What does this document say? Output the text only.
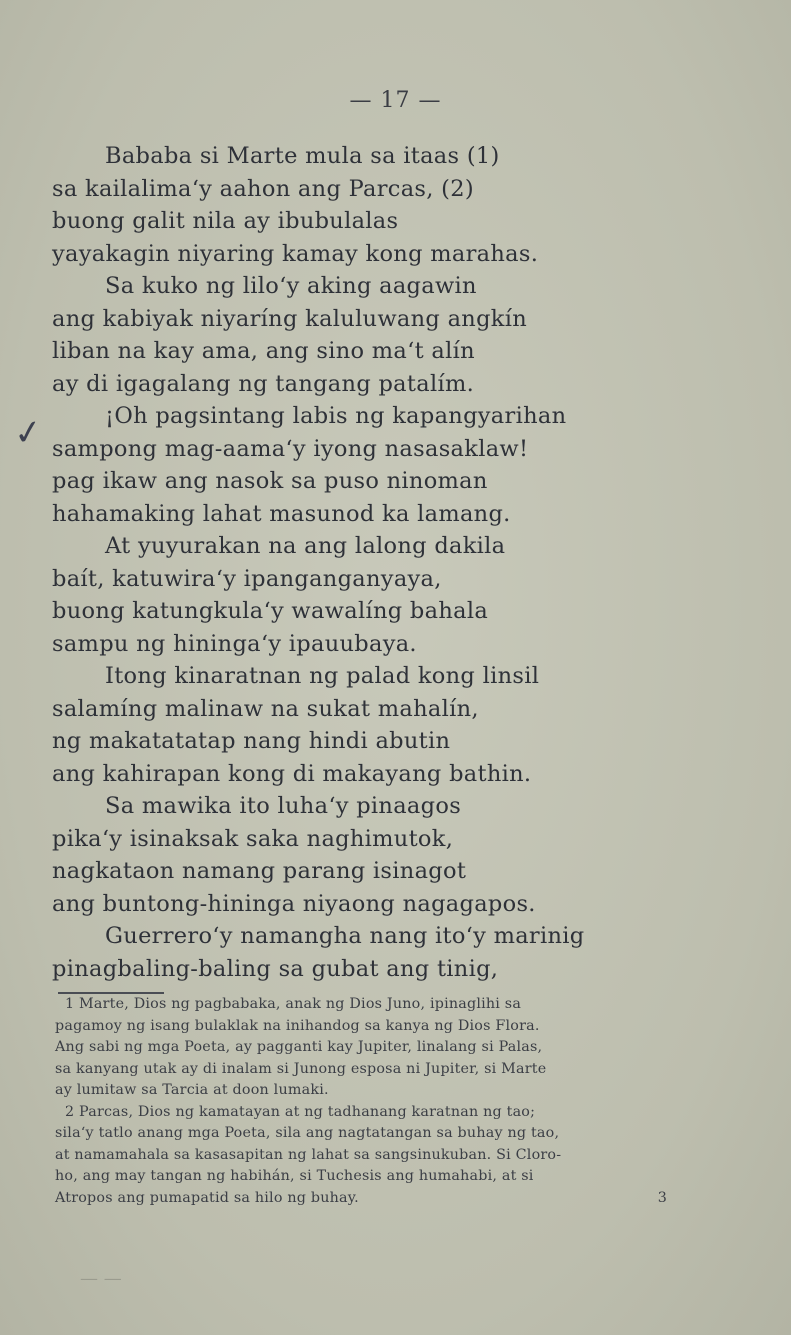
— 17 —
✓
Bababa si Marte mula sa itaas (1)
sa kailalima‘y aahon ang Parcas, (2)
buong galit nila ay ibubulalas
yayakagin niyaring kamay kong marahas.
Sa kuko ng lilo‘y aking aagawin
ang kabiyak niyaríng kaluluwang angkín
liban na kay ama, ang sino ma‘t alín
ay di igagalang ng tangang patalím.
¡Oh pagsintang labis ng kapangyarihan
sampong mag-aama‘y iyong nasasaklaw!
pag ikaw ang nasok sa puso ninoman
hahamaking lahat masunod ka lamang.
At yuyurakan na ang lalong dakila
baít, katuwira‘y ipanganganyaya,
buong katungkula‘y wawalíng bahala
sampu ng hininga‘y ipauubaya.
Itong kinaratnan ng palad kong linsil
salamíng malinaw na sukat mahalín,
ng makatatatap nang hindi abutin
ang kahirapan kong di makayang bathin.
Sa mawika ito luha‘y pinaagos
pika‘y isinaksak saka naghimutok,
nagkataon namang parang isinagot
ang buntong-hininga niyaong nagagapos.
Guerrero‘y namangha nang ito‘y marinig
pinagbaling-baling sa gubat ang tinig,
1 Marte, Dios ng pagbabaka, anak ng Dios Juno, ipinaglihi sa
pagamoy ng isang bulaklak na inihandog sa kanya ng Dios Flora.
Ang sabi ng mga Poeta, ay pagganti kay Jupiter, linalang si Palas,
sa kanyang utak ay di inalam si Junong esposa ni Jupiter, si Marte
ay lumitaw sa Tarcia at doon lumaki.
2 Parcas, Dios ng kamatayan at ng tadhanang karatnan ng tao;
sila‘y tatlo anang mga Poeta, sila ang nagtatangan sa buhay ng tao,
at namamahala sa kasasapitan ng lahat sa sangsinukuban. Si Cloro-
ho, ang may tangan ng habihán, si Tuchesis ang humahabi, at si
Atropos ang pumapatid sa hilo ng buhay.	3
— —
